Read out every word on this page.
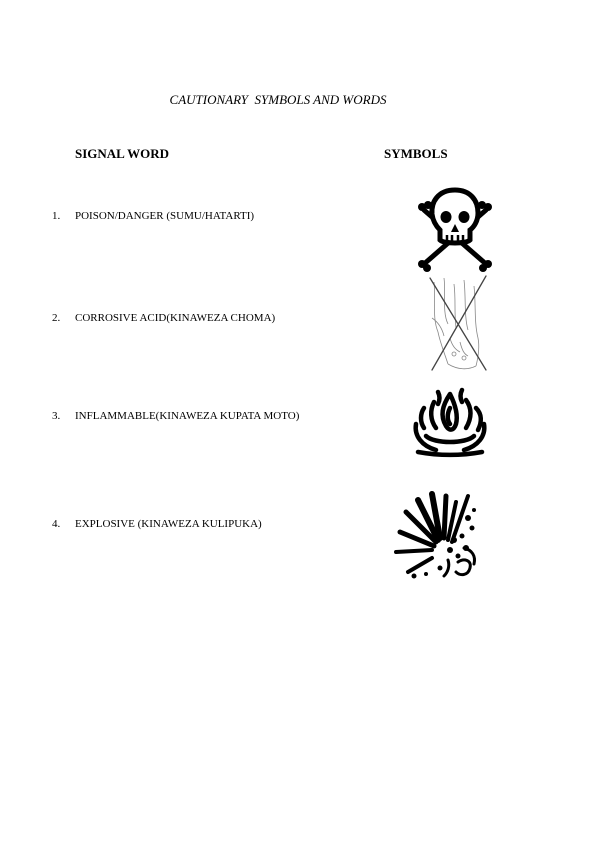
CAUTIONARY  SYMBOLS AND WORDS
SIGNAL WORD	SYMBOLS
1. POISON/DANGER (SUMU/HATARTI)
2. CORROSIVE ACID(KINAWEZA CHOMA)
3. INFLAMMABLE(KINAWEZA KUPATA MOTO)
4. EXPLOSIVE (KINAWEZA KULIPUKA)
